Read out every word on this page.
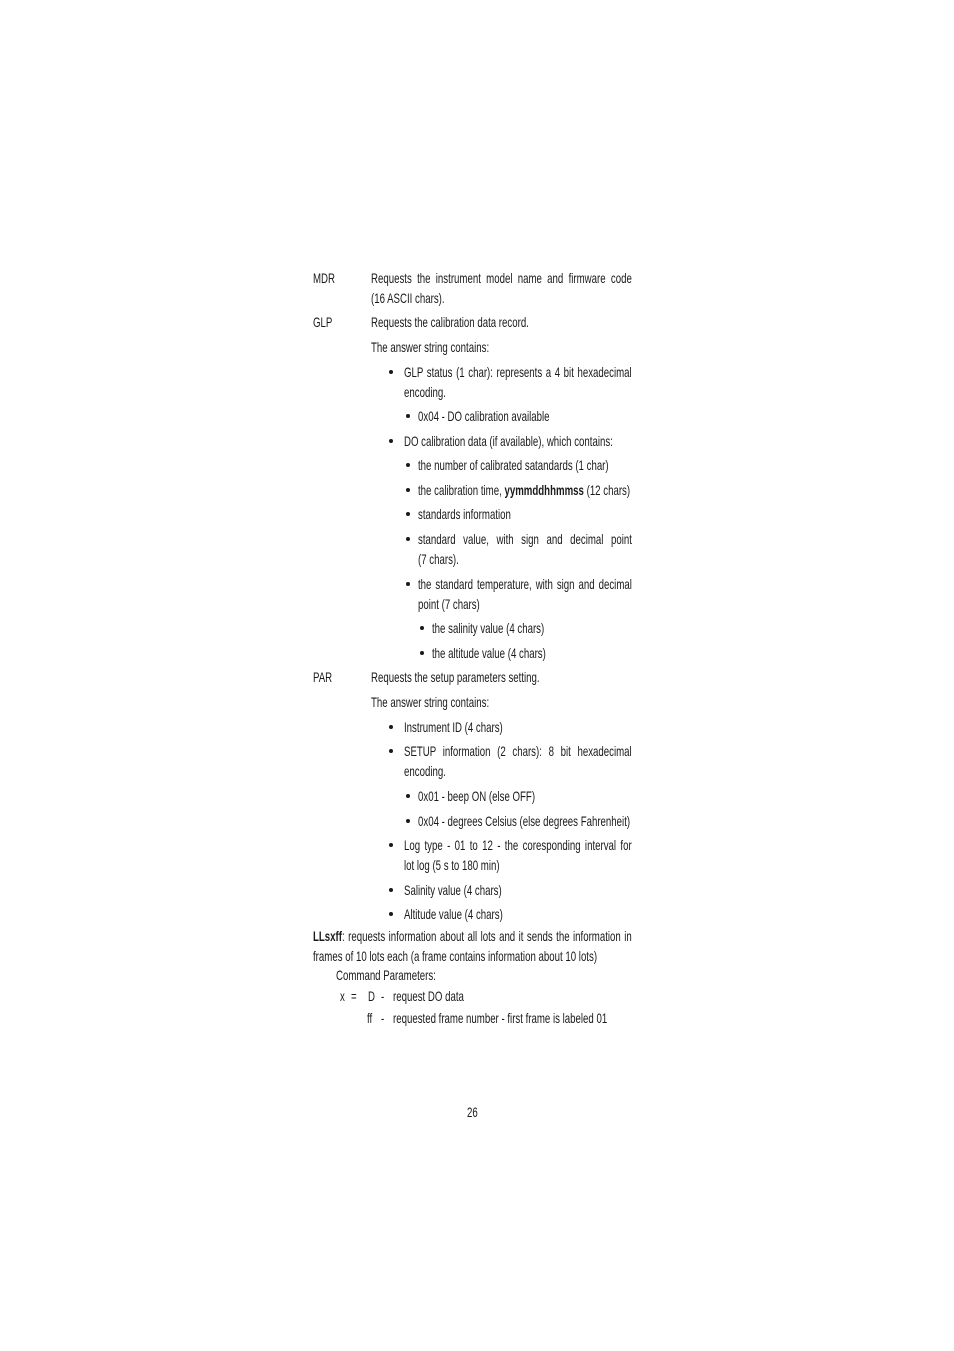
MDR	Requests the instrument model name and firmware code
(16 ASCII chars).
GLP	Requests the calibration data record.
The answer string contains:
GLP status (1 char): represents a 4 bit hexadecimal
encoding.
0x04 - DO calibration available
DO calibration data (if available), which contains:
the number of calibrated satandards (1 char)
the calibration time, yymmddhhmmss (12 chars)
standards information
standard value, with sign and decimal point
(7 chars).
the standard temperature, with sign and decimal
point (7 chars)
the salinity value (4 chars)
the altitude value (4 chars)
PAR	Requests the setup parameters setting.
The answer string contains:
Instrument ID (4 chars)
SETUP information (2 chars): 8 bit hexadecimal
encoding.
0x01 - beep ON (else OFF)
0x04 - degrees Celsius (else degrees Fahrenheit)
Log type - 01 to 12 - the coresponding interval for
lot log (5 s to 180 min)
Salinity value (4 chars)
Altitude value (4 chars)
LLsxff: requests information about all lots and it sends the information in
frames of 10 lots each (a frame contains information about 10 lots)
Command Parameters:
x = D - request DO data
ff - requested frame number - first frame is labeled 01
26
